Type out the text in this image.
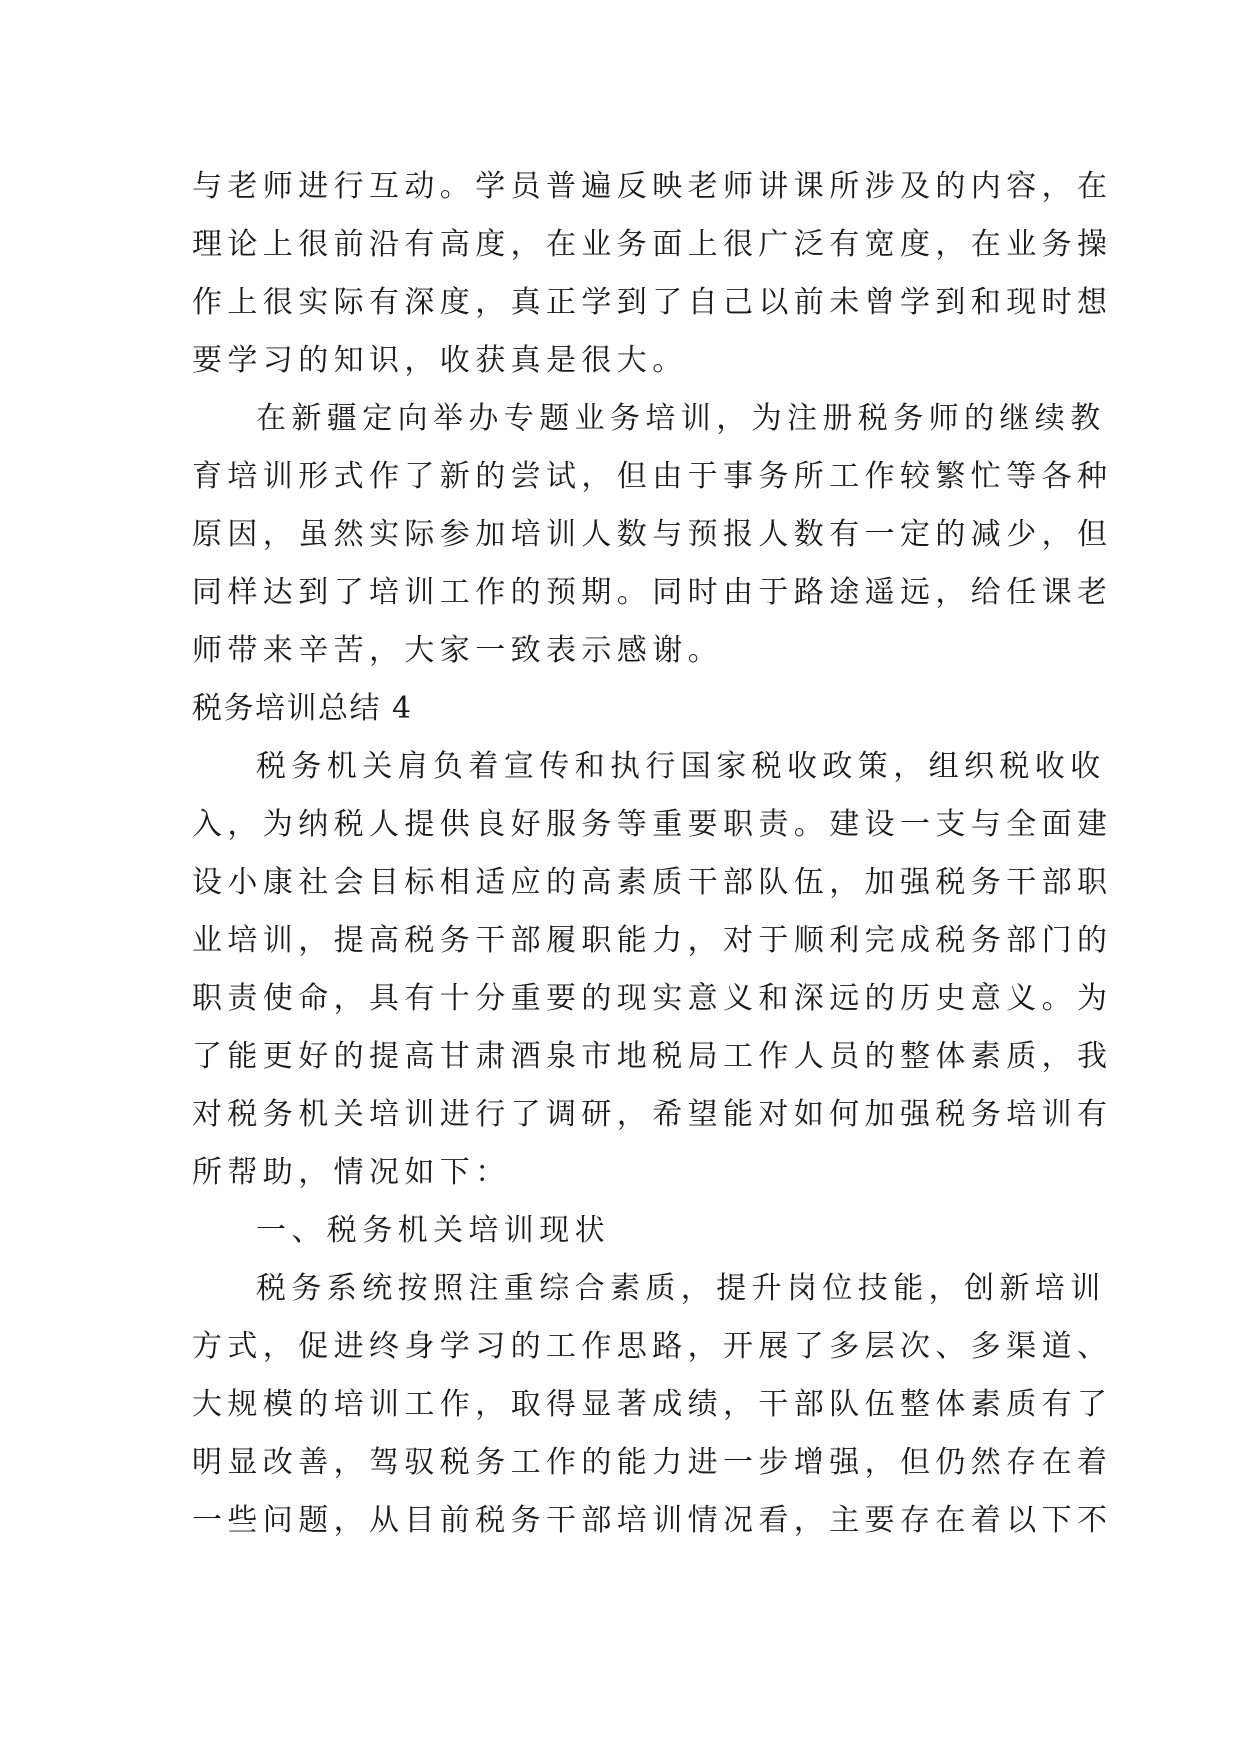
与老师进行互动。学员普遍反映老师讲课所涉及的内容，在
理论上很前沿有高度，在业务面上很广泛有宽度，在业务操
作上很实际有深度，真正学到了自己以前未曾学到和现时想
要学习的知识，收获真是很大。
在新疆定向举办专题业务培训，为注册税务师的继续教
育培训形式作了新的尝试，但由于事务所工作较繁忙等各种
原因，虽然实际参加培训人数与预报人数有一定的减少，但
同样达到了培训工作的预期。同时由于路途遥远，给任课老
师带来辛苦，大家一致表示感谢。
税务培训总结 4
税务机关肩负着宣传和执行国家税收政策，组织税收收
入，为纳税人提供良好服务等重要职责。建设一支与全面建
设小康社会目标相适应的高素质干部队伍，加强税务干部职
业培训，提高税务干部履职能力，对于顺利完成税务部门的
职责使命，具有十分重要的现实意义和深远的历史意义。为
了能更好的提高甘肃酒泉市地税局工作人员的整体素质，我
对税务机关培训进行了调研，希望能对如何加强税务培训有
所帮助，情况如下：
一、税务机关培训现状
税务系统按照注重综合素质，提升岗位技能，创新培训
方式，促进终身学习的工作思路，开展了多层次、多渠道、
大规模的培训工作，取得显著成绩，干部队伍整体素质有了
明显改善，驾驭税务工作的能力进一步增强，但仍然存在着
一些问题，从目前税务干部培训情况看，主要存在着以下不
